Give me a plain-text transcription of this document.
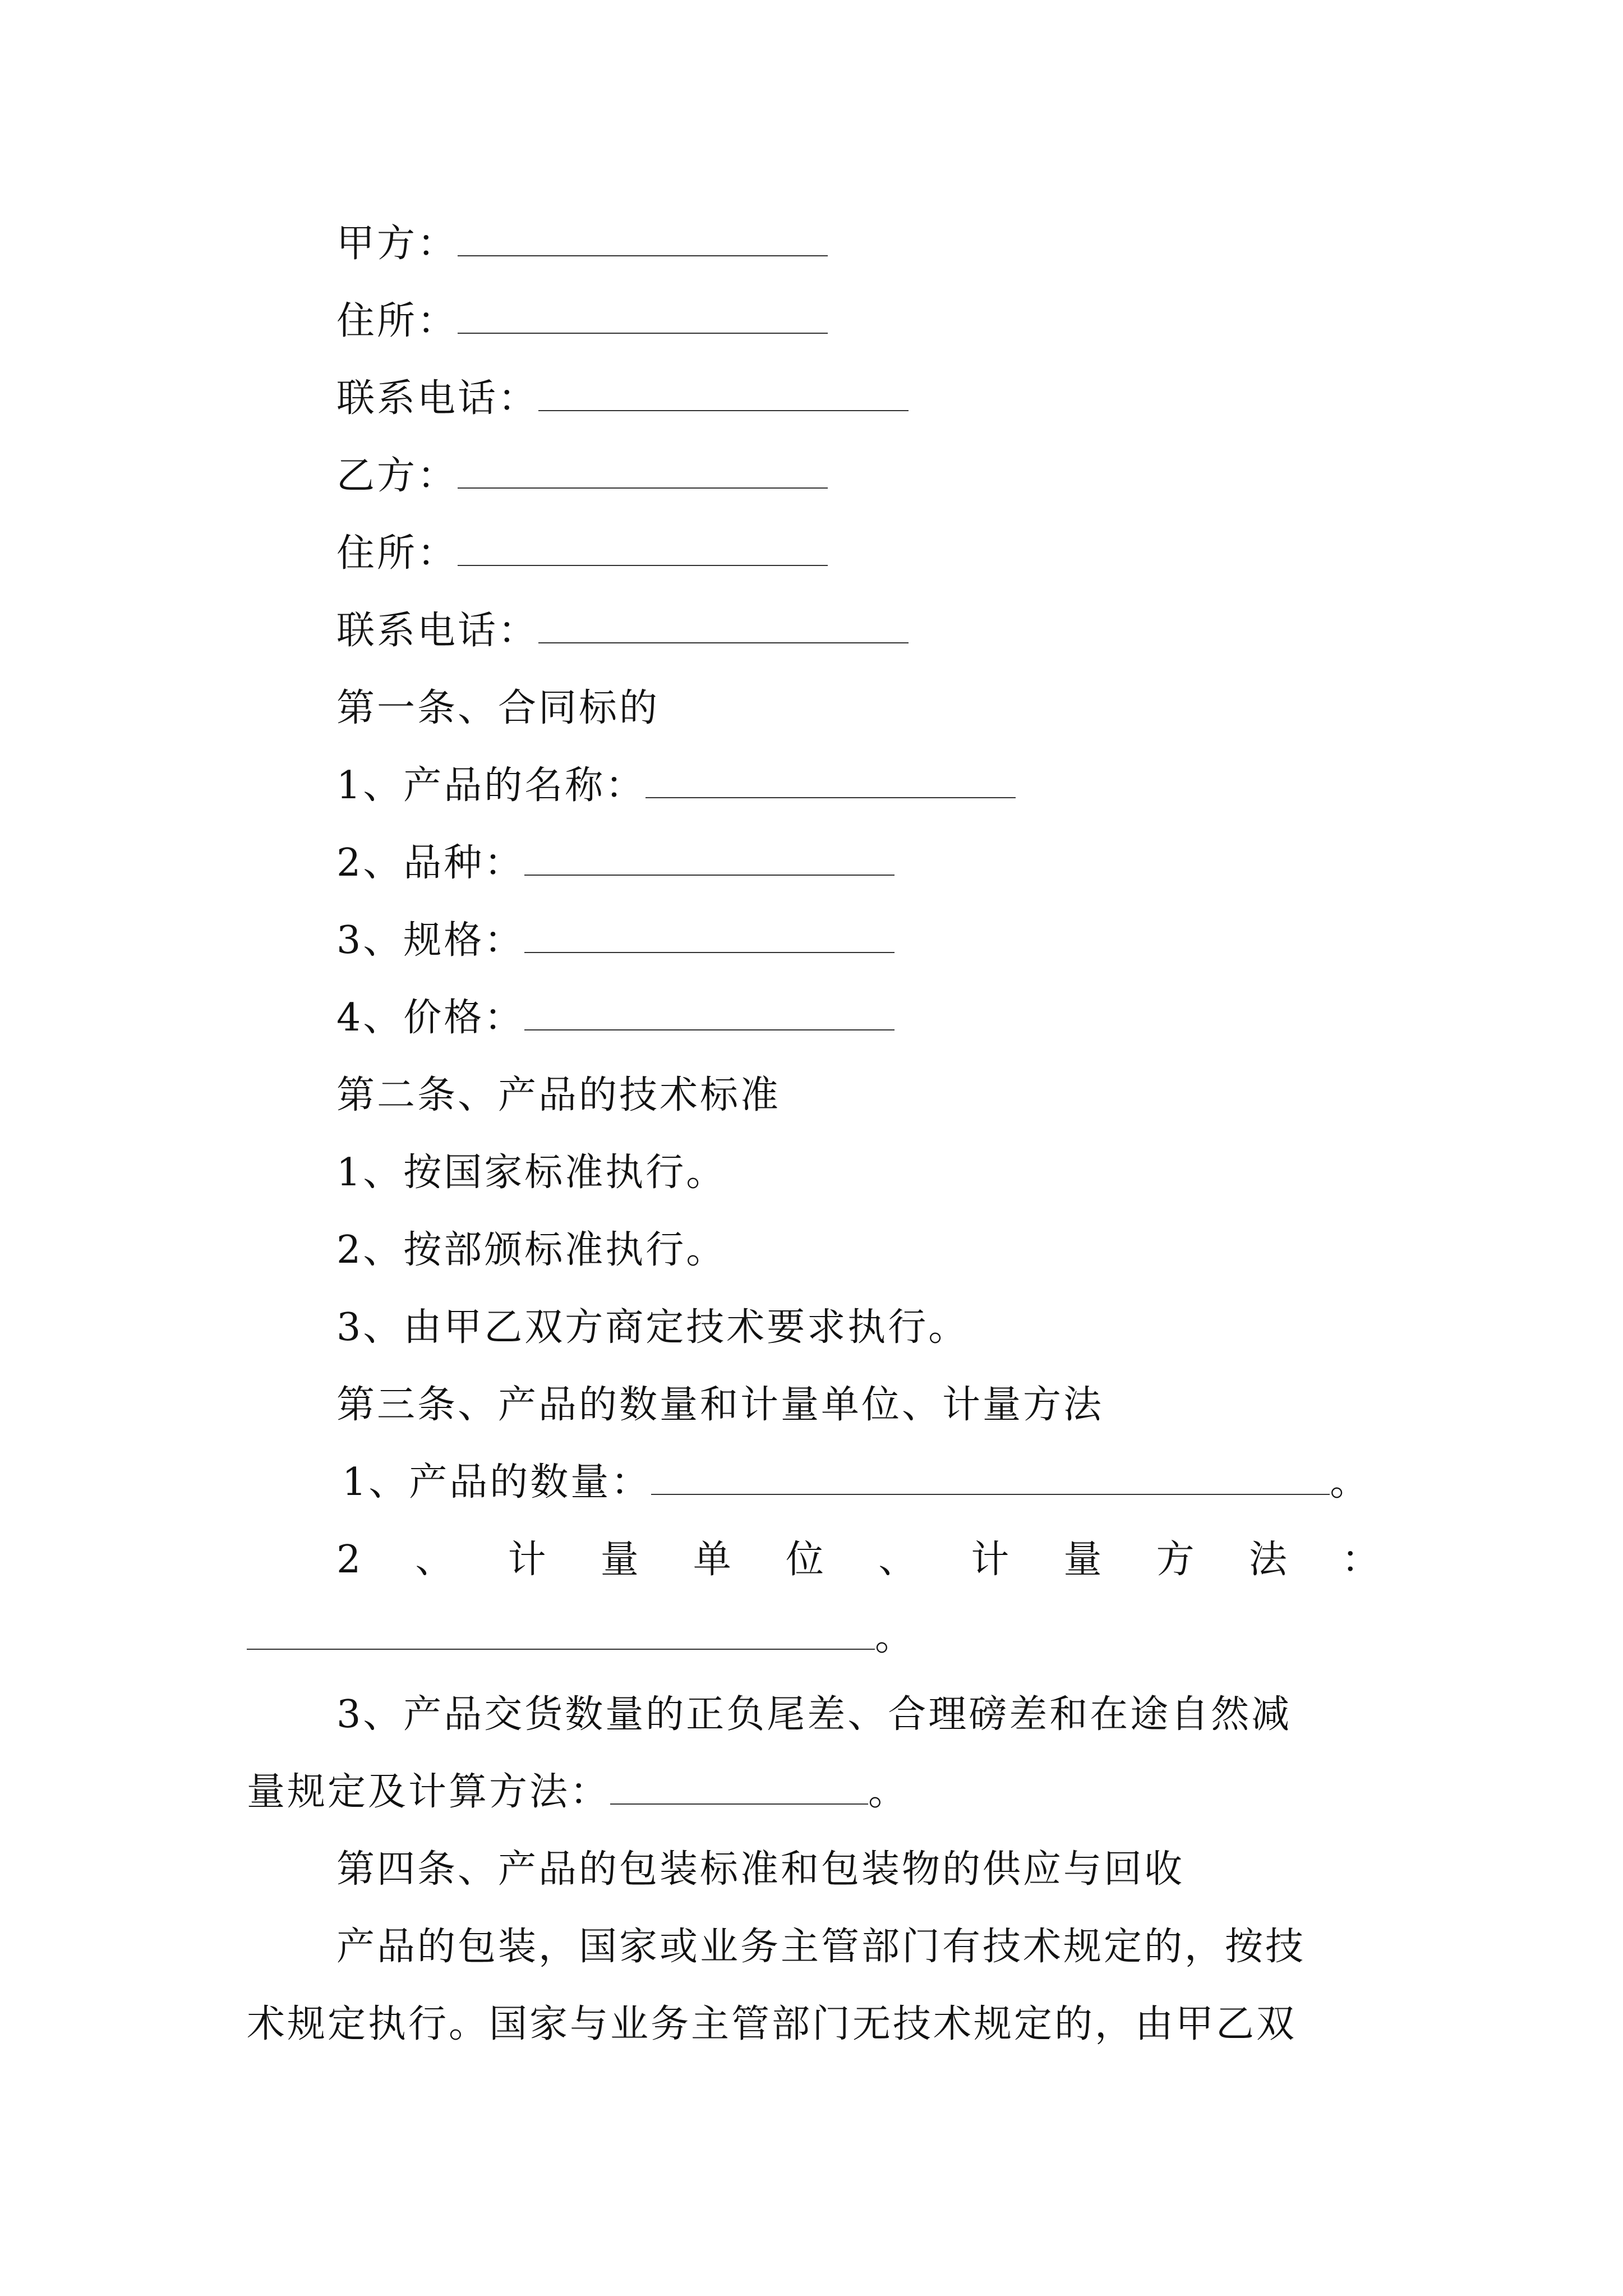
甲方：
住所：
联系电话：
乙方：
住所：
联系电话：
第一条、合同标的
1、产品的名称：
2、品种：
3、规格：
4、价格：
第二条、产品的技术标准
1、按国家标准执行。
2、按部颁标准执行。
3、由甲乙双方商定技术要求执行。
第三条、产品的数量和计量单位、计量方法
1、产品的数量：	。
2 、 计 量 单 位 、 计 量 方 法 ：
。
3、产品交货数量的正负尾差、合理磅差和在途自然减
量规定及计算方法：	。
第四条、产品的包装标准和包装物的供应与回收
产品的包装，国家或业务主管部门有技术规定的，按技
术规定执行。国家与业务主管部门无技术规定的，由甲乙双
